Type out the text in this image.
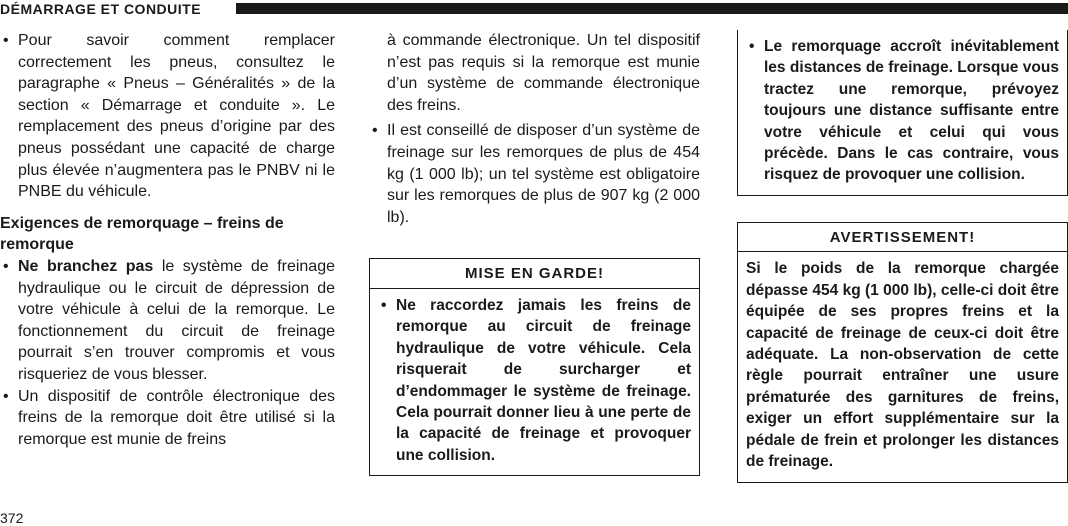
DÉMARRAGE ET CONDUITE
• Pour savoir comment remplacer correctement les pneus, consultez le paragraphe « Pneus – Généralités » de la section « Démarrage et conduite ». Le remplacement des pneus d’origine par des pneus possédant une capacité de charge plus élevée n’augmentera pas le PNBV ni le PNBE du véhicule.
Exigences de remorquage – freins de remorque
• Ne branchez pas le système de freinage hydraulique ou le circuit de dépression de votre véhicule à celui de la remorque. Le fonctionnement du circuit de freinage pourrait s’en trouver compromis et vous risqueriez de vous blesser.
• Un dispositif de contrôle électronique des freins de la remorque doit être utilisé si la remorque est munie de freins
à commande électronique. Un tel dispositif n’est pas requis si la remorque est munie d’un système de commande électronique des freins.
• Il est conseillé de disposer d’un système de freinage sur les remorques de plus de 454 kg (1 000 lb); un tel système est obligatoire sur les remorques de plus de 907 kg (2 000 lb).
MISE EN GARDE!
• Ne raccordez jamais les freins de remorque au circuit de freinage hydraulique de votre véhicule. Cela risquerait de surcharger et d’endommager le système de freinage. Cela pourrait donner lieu à une perte de la capacité de freinage et provoquer une collision.
• Le remorquage accroît inévitablement les distances de freinage. Lorsque vous tractez une remorque, prévoyez toujours une distance suffisante entre votre véhicule et celui qui vous précède. Dans le cas contraire, vous risquez de provoquer une collision.
AVERTISSEMENT!
Si le poids de la remorque chargée dépasse 454 kg (1 000 lb), celle-ci doit être équipée de ses propres freins et la capacité de freinage de ceux-ci doit être adéquate. La non-observation de cette règle pourrait entraîner une usure prématurée des garnitures de freins, exiger un effort supplémentaire sur la pédale de frein et prolonger les distances de freinage.
372
